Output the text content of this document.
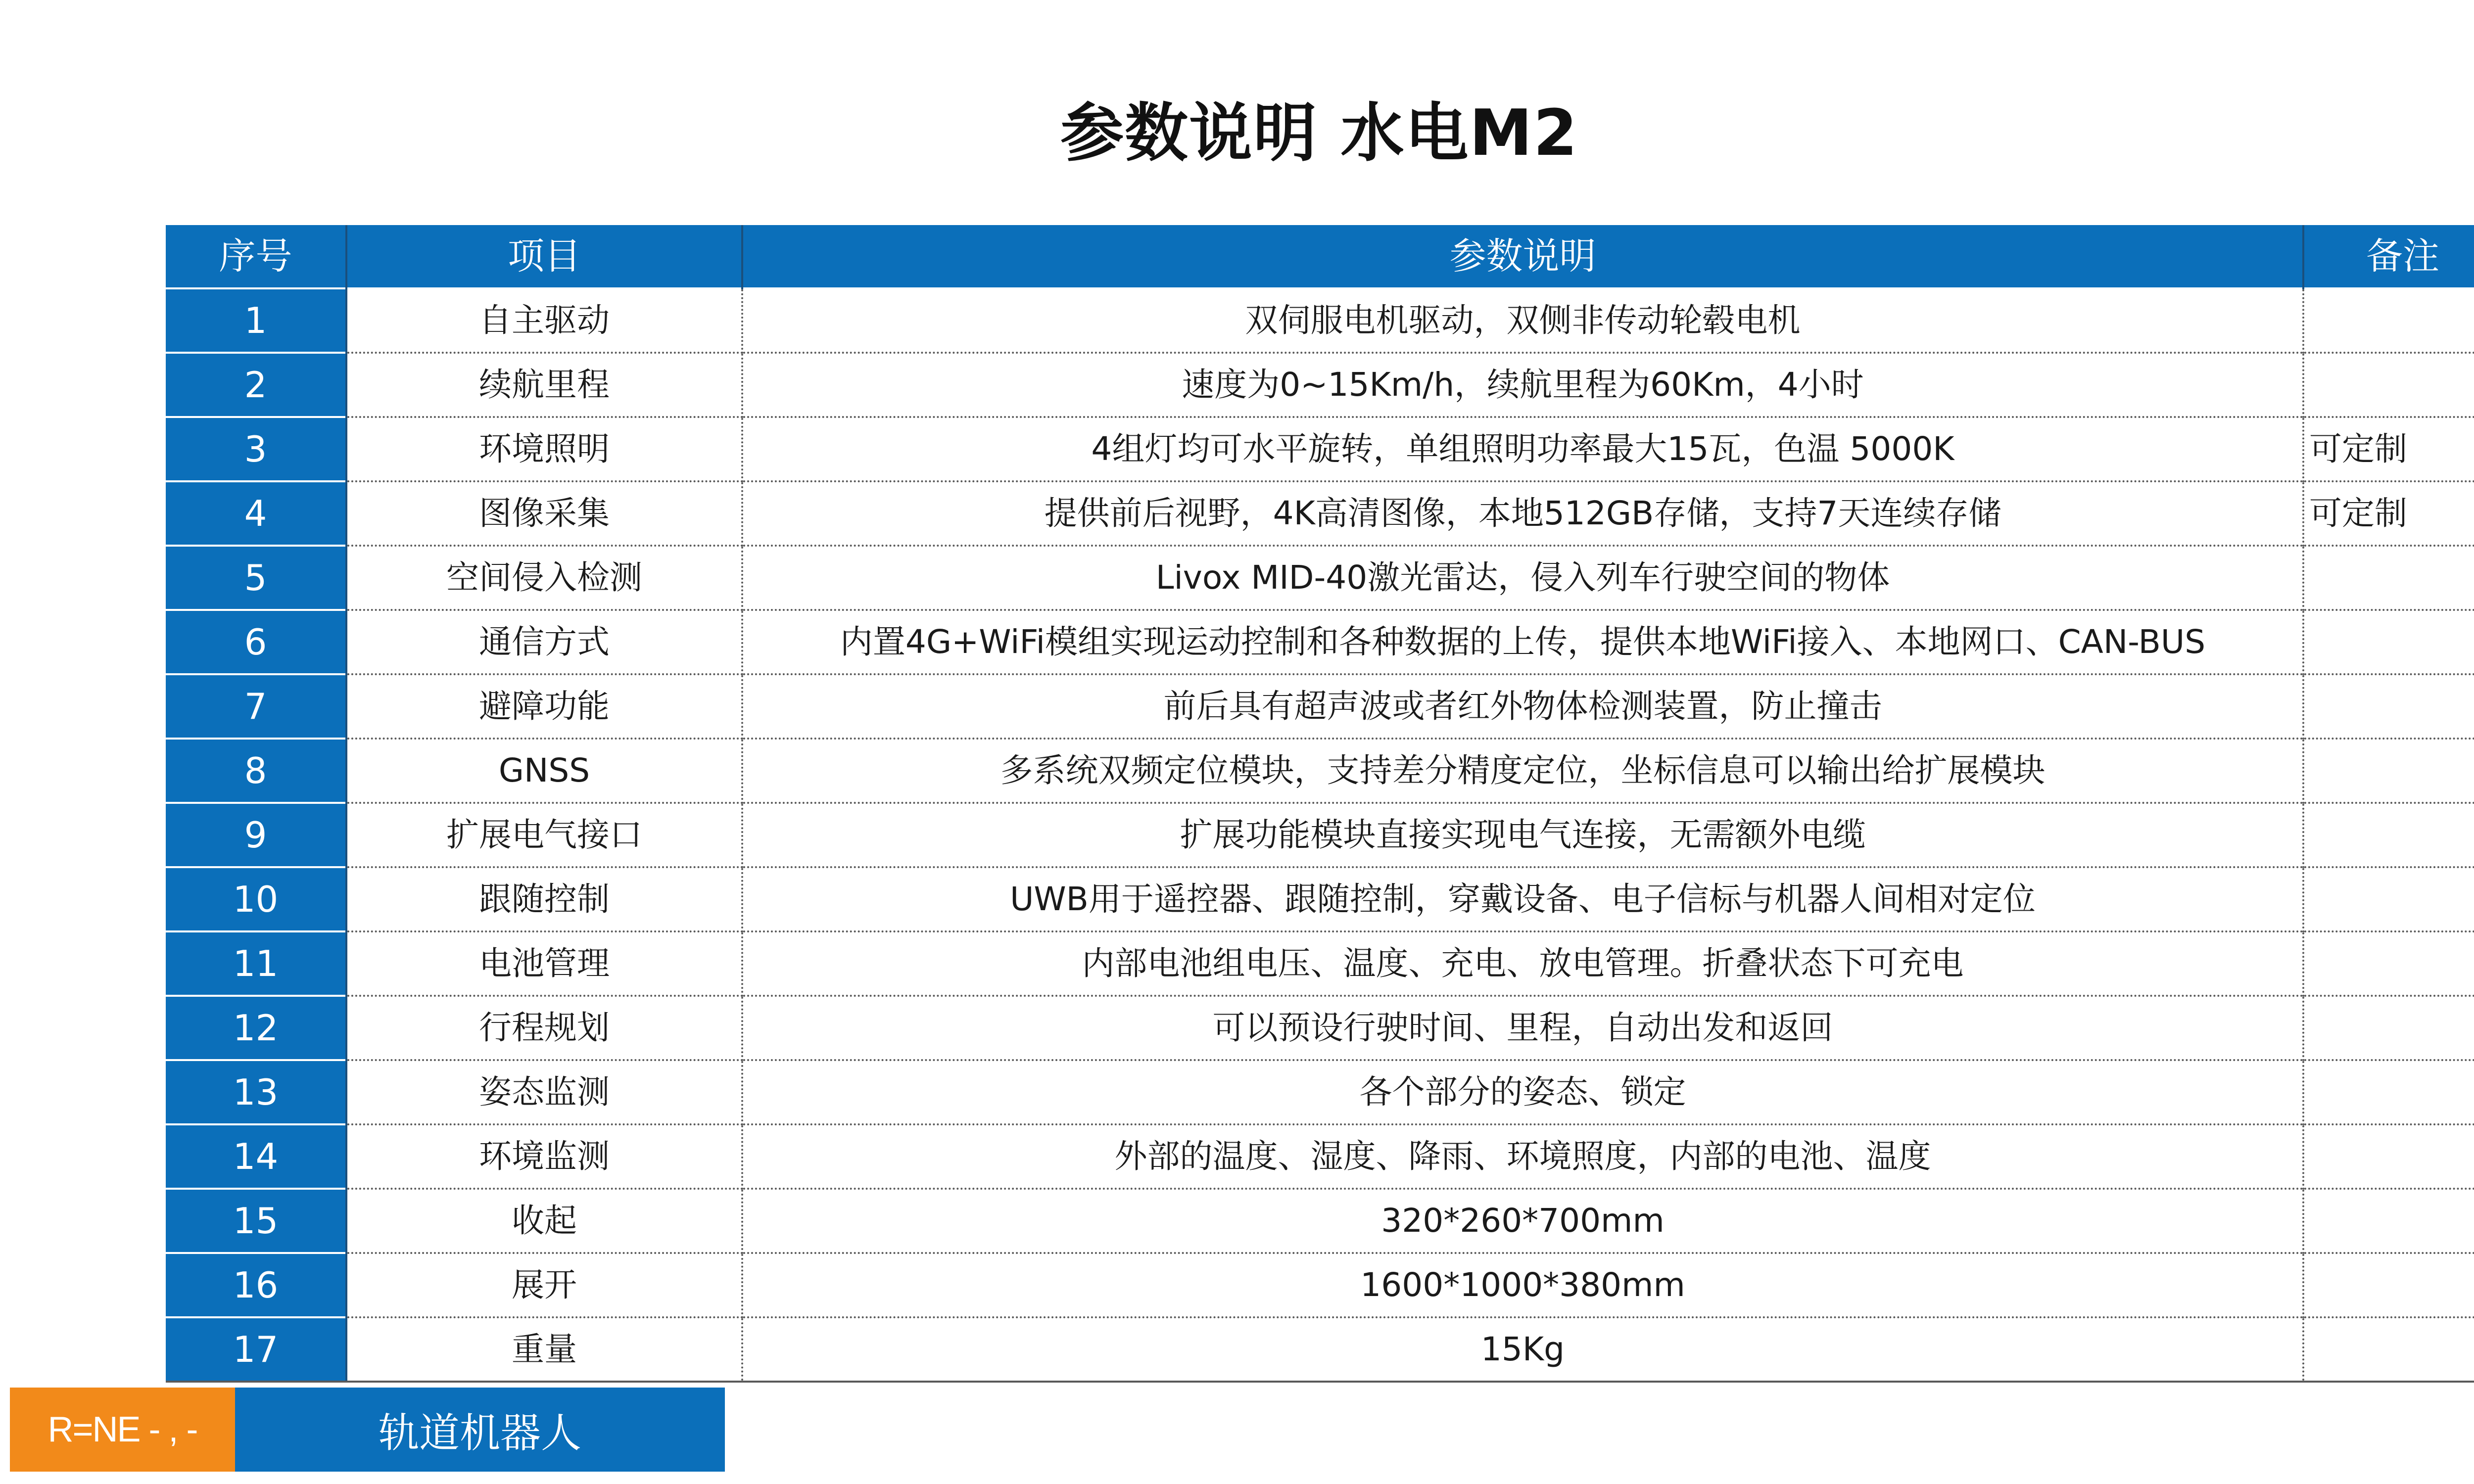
参数说明 水电M2
序号	项目	参数说明	备注
1	自主驱动	双伺服电机驱动，双侧非传动轮毂电机	
2	续航里程	速度为0~15Km/h，续航里程为60Km，4小时	
3	环境照明	4组灯均可水平旋转，单组照明功率最大15瓦，色温 5000K	可定制
4	图像采集	提供前后视野，4K高清图像，本地512GB存储，支持7天连续存储	可定制
5	空间侵入检测	Livox MID-40激光雷达，侵入列车行驶空间的物体	
6	通信方式	内置4G+WiFi模组实现运动控制和各种数据的上传，提供本地WiFi接入、本地网口、CAN-BUS	
7	避障功能	前后具有超声波或者红外物体检测装置，防止撞击	
8	GNSS	多系统双频定位模块，支持差分精度定位，坐标信息可以输出给扩展模块	
9	扩展电气接口	扩展功能模块直接实现电气连接，无需额外电缆	
10	跟随控制	UWB用于遥控器、跟随控制，穿戴设备、电子信标与机器人间相对定位	
11	电池管理	内部电池组电压、温度、充电、放电管理。折叠状态下可充电	
12	行程规划	可以预设行驶时间、里程，自动出发和返回	
13	姿态监测	各个部分的姿态、锁定	
14	环境监测	外部的温度、湿度、降雨、环境照度，内部的电池、温度	
15	收起	320*260*700mm	
16	展开	1600*1000*380mm	
17	重量	15Kg	
R=NE - , -	轨道机器人
